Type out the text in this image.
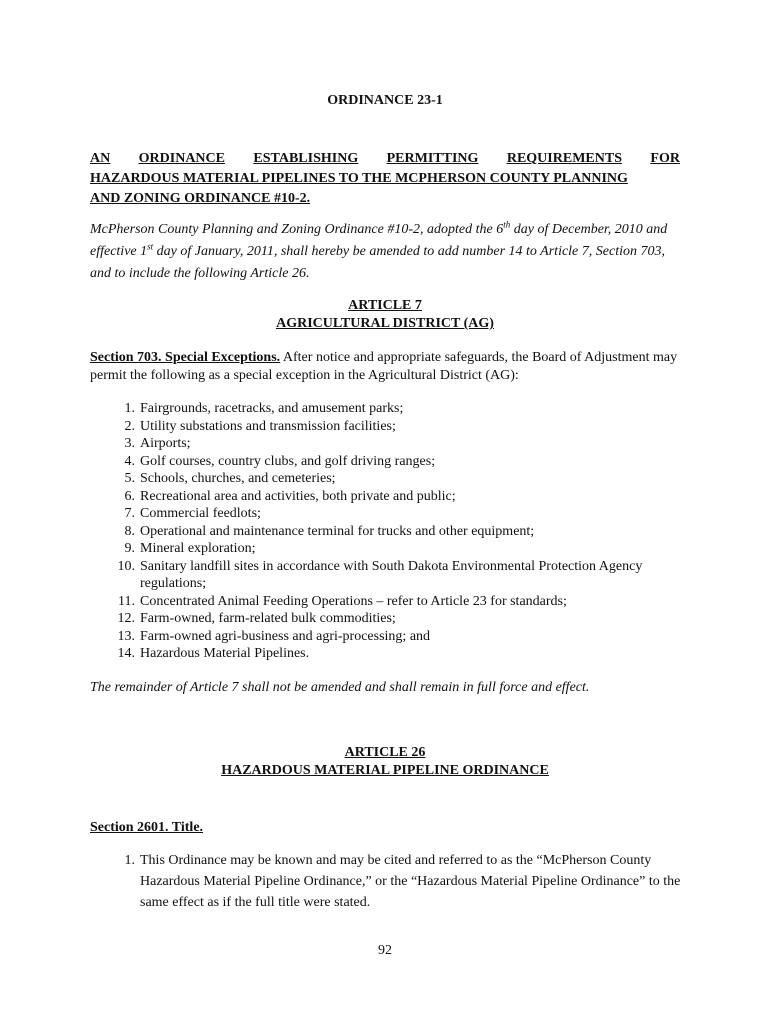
ORDINANCE 23-1
AN ORDINANCE ESTABLISHING PERMITTING REQUIREMENTS FOR
HAZARDOUS MATERIAL PIPELINES TO THE MCPHERSON COUNTY PLANNING
AND ZONING ORDINANCE #10-2.

McPherson County Planning and Zoning Ordinance #10-2, adopted the 6th day of December, 2010 and effective 1st day of January, 2011, shall hereby be amended to add number 14 to Article 7, Section 703, and to include the following Article 26.

ARTICLE 7
AGRICULTURAL DISTRICT (AG)

Section 703. Special Exceptions. After notice and appropriate safeguards, the Board of Adjustment may permit the following as a special exception in the Agricultural District (AG):

1. Fairgrounds, racetracks, and amusement parks;
2. Utility substations and transmission facilities;
3. Airports;
4. Golf courses, country clubs, and golf driving ranges;
5. Schools, churches, and cemeteries;
6. Recreational area and activities, both private and public;
7. Commercial feedlots;
8. Operational and maintenance terminal for trucks and other equipment;
9. Mineral exploration;
10. Sanitary landfill sites in accordance with South Dakota Environmental Protection Agency regulations;
11. Concentrated Animal Feeding Operations – refer to Article 23 for standards;
12. Farm-owned, farm-related bulk commodities;
13. Farm-owned agri-business and agri-processing; and
14. Hazardous Material Pipelines.

The remainder of Article 7 shall not be amended and shall remain in full force and effect.

ARTICLE 26
HAZARDOUS MATERIAL PIPELINE ORDINANCE

Section 2601. Title.

1. This Ordinance may be known and may be cited and referred to as the “McPherson County Hazardous Material Pipeline Ordinance,” or the “Hazardous Material Pipeline Ordinance” to the same effect as if the full title were stated.
92
